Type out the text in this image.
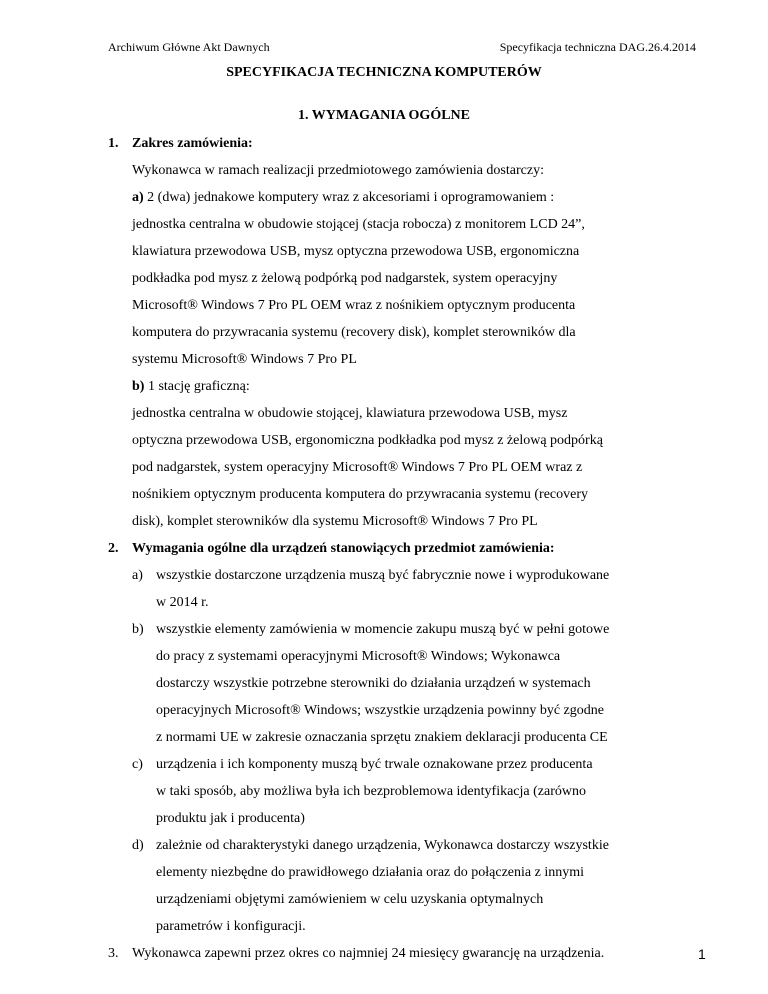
Archiwum Główne Akt Dawnych	Specyfikacja techniczna DAG.26.4.2014
SPECYFIKACJA TECHNICZNA KOMPUTERÓW
1. WYMAGANIA OGÓLNE
1. Zakres zamówienia:
Wykonawca w ramach realizacji przedmiotowego zamówienia dostarczy:
a) 2 (dwa) jednakowe komputery wraz z akcesoriami i oprogramowaniem :
jednostka centralna w obudowie stojącej (stacja robocza) z monitorem LCD 24”,
klawiatura przewodowa USB, mysz optyczna przewodowa USB, ergonomiczna
podkładka pod mysz z żelową podpórką pod nadgarstek, system operacyjny
Microsoft® Windows 7 Pro PL OEM wraz z nośnikiem optycznym producenta
komputera do przywracania systemu (recovery disk), komplet sterowników dla
systemu Microsoft® Windows 7 Pro PL
b) 1 stację graficzną:
jednostka centralna w obudowie stojącej, klawiatura przewodowa USB, mysz
optyczna przewodowa USB, ergonomiczna podkładka pod mysz z żelową podpórką
pod nadgarstek, system operacyjny Microsoft® Windows 7 Pro PL OEM wraz z
nośnikiem optycznym producenta komputera do przywracania systemu (recovery
disk), komplet sterowników dla systemu Microsoft® Windows 7 Pro PL
2. Wymagania ogólne dla urządzeń stanowiących przedmiot zamówienia:
a) wszystkie dostarczone urządzenia muszą być fabrycznie nowe i wyprodukowane
w 2014 r.
b) wszystkie elementy zamówienia w momencie zakupu muszą być w pełni gotowe
do pracy z systemami operacyjnymi Microsoft® Windows; Wykonawca
dostarczy wszystkie potrzebne sterowniki do działania urządzeń w systemach
operacyjnych Microsoft® Windows; wszystkie urządzenia powinny być zgodne
z normami UE w zakresie oznaczania sprzętu znakiem deklaracji producenta CE
c) urządzenia i ich komponenty muszą być trwale oznakowane przez producenta
w taki sposób, aby możliwa była ich bezproblemowa identyfikacja (zarówno
produktu jak i producenta)
d) zależnie od charakterystyki danego urządzenia, Wykonawca dostarczy wszystkie
elementy niezbędne do prawidłowego działania oraz do połączenia z innymi
urządzeniami objętymi zamówieniem w celu uzyskania optymalnych
parametrów i konfiguracji.
3. Wykonawca zapewni przez okres co najmniej 24 miesięcy gwarancję na urządzenia.	1
